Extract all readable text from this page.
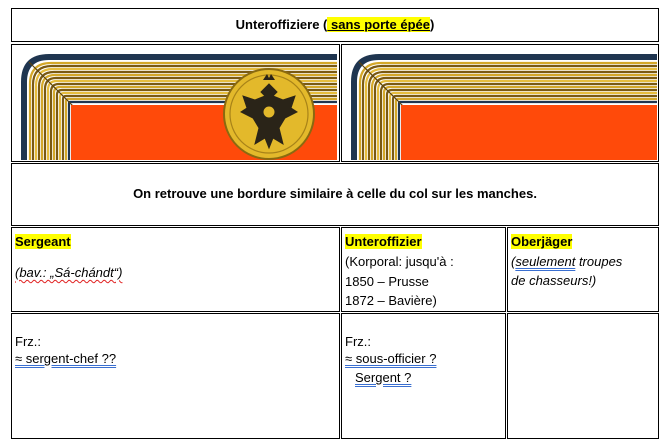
Unteroffiziere ( sans porte épée)
On retrouve une bordure similaire à celle du col sur les manches.
Sergeant
(bav.: „Sá-chándt“)
Unteroffizier
(Korporal: jusqu'à :
1850 – Prusse
1872 – Bavière)
Oberjäger
(seulement troupes
de chasseurs!)
Frz.:
≈ sergent-chef ??
Frz.:
≈ sous-officier ?
Sergent ?
